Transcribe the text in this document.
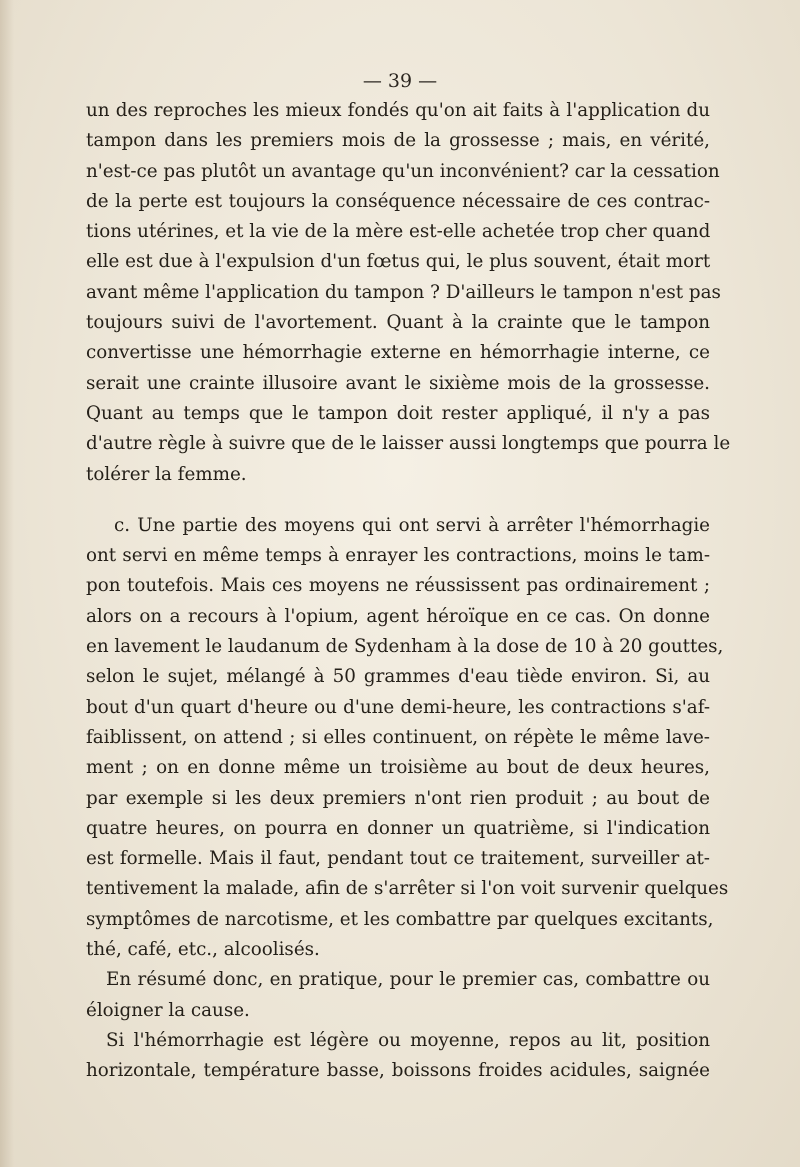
— 39 —
un des reproches les mieux fondés qu'on ait faits à l'application du
tampon dans les premiers mois de la grossesse ; mais, en vérité,
n'est-ce pas plutôt un avantage qu'un inconvénient? car la cessation
de la perte est toujours la conséquence nécessaire de ces contrac-
tions utérines, et la vie de la mère est-elle achetée trop cher quand
elle est due à l'expulsion d'un fœtus qui, le plus souvent, était mort
avant même l'application du tampon ? D'ailleurs le tampon n'est pas
toujours suivi de l'avortement. Quant à la crainte que le tampon
convertisse une hémorrhagie externe en hémorrhagie interne, ce
serait une crainte illusoire avant le sixième mois de la grossesse.
Quant au temps que le tampon doit rester appliqué, il n'y a pas
d'autre règle à suivre que de le laisser aussi longtemps que pourra le
tolérer la femme.
c. Une partie des moyens qui ont servi à arrêter l'hémorrhagie
ont servi en même temps à enrayer les contractions, moins le tam-
pon toutefois. Mais ces moyens ne réussissent pas ordinairement ;
alors on a recours à l'opium, agent héroïque en ce cas. On donne
en lavement le laudanum de Sydenham à la dose de 10 à 20 gouttes,
selon le sujet, mélangé à 50 grammes d'eau tiède environ. Si, au
bout d'un quart d'heure ou d'une demi-heure, les contractions s'af-
faiblissent, on attend ; si elles continuent, on répète le même lave-
ment ; on en donne même un troisième au bout de deux heures,
par exemple si les deux premiers n'ont rien produit ; au bout de
quatre heures, on pourra en donner un quatrième, si l'indication
est formelle. Mais il faut, pendant tout ce traitement, surveiller at-
tentivement la malade, afin de s'arrêter si l'on voit survenir quelques
symptômes de narcotisme, et les combattre par quelques excitants,
thé, café, etc., alcoolisés.
En résumé donc, en pratique, pour le premier cas, combattre ou
éloigner la cause.
Si l'hémorrhagie est légère ou moyenne, repos au lit, position
horizontale, température basse, boissons froides acidules, saignée
